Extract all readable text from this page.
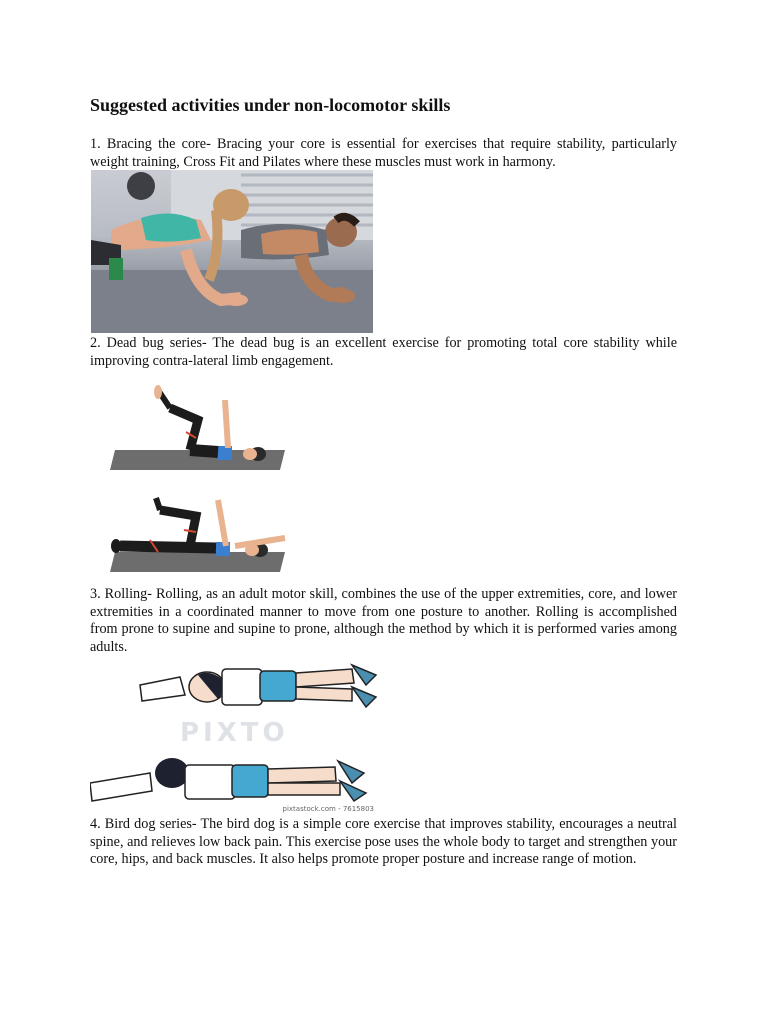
Suggested activities under non-locomotor skills

1. Bracing the core- Bracing your core is essential for exercises that require stability, particularly weight training, Cross Fit and Pilates where these muscles must work in harmony.

2. Dead bug series- The dead bug is an excellent exercise for promoting total core stability while improving contra-lateral limb engagement.

3. Rolling- Rolling, as an adult motor skill, combines the use of the upper extremities, core, and lower extremities in a coordinated manner to move from one posture to another. Rolling is accomplished from prone to supine and supine to prone, although the method by which it is performed varies among adults.

PIXTO
pixtastock.com - 7615803

4. Bird dog series- The bird dog is a simple core exercise that improves stability, encourages a neutral spine, and relieves low back pain. This exercise pose uses the whole body to target and strengthen your core, hips, and back muscles. It also helps promote proper posture and increase range of motion.
